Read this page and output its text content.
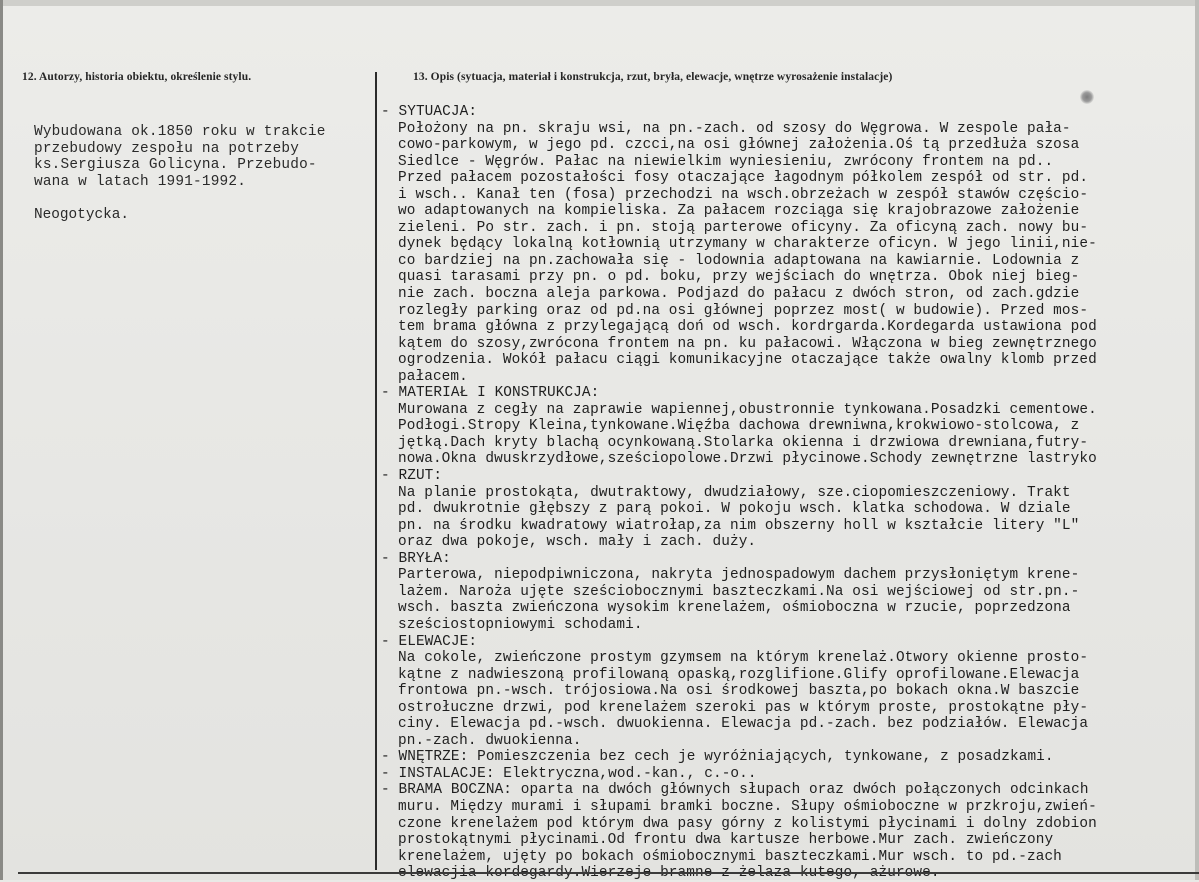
12. Autorzy, historia obiektu, określenie stylu.	13. Opis (sytuacja, materiał i konstrukcja, rzut, bryła, elewacje, wnętrze wyrosażenie instalacje)
Wybudowana ok.1850 roku w trakcie
przebudowy zespołu na potrzeby
ks.Sergiusza Golicyna. Przebudo-
wana w latach 1991-1992.
Neogotycka.
- SYTUACJA:
Położony na pn. skraju wsi, na pn.-zach. od szosy do Węgrowa. W zespole pała-
cowo-parkowym, w jego pd. czcci,na osi głównej założenia.Oś tą przedłuża szosa
Siedlce - Węgrów. Pałac na niewielkim wyniesieniu, zwrócony frontem na pd..
Przed pałacem pozostałości fosy otaczające łagodnym półkolem zespół od str. pd.
i wsch.. Kanał ten (fosa) przechodzi na wsch.obrzeżach w zespół stawów częścio-
wo adaptowanych na kompieliska. Za pałacem rozciąga się krajobrazowe założenie
zieleni. Po str. zach. i pn. stoją parterowe oficyny. Za oficyną zach. nowy bu-
dynek będący lokalną kotłownią utrzymany w charakterze oficyn. W jego linii,nie-
co bardziej na pn.zachowała się - lodownia adaptowana na kawiarnie. Lodownia z
quasi tarasami przy pn. o pd. boku, przy wejściach do wnętrza. Obok niej bieg-
nie zach. boczna aleja parkowa. Podjazd do pałacu z dwóch stron, od zach.gdzie
rozległy parking oraz od pd.na osi głównej poprzez most( w budowie). Przed mos-
tem brama główna z przylegającą doń od wsch. kordrgarda.Kordegarda ustawiona pod
kątem do szosy,zwrócona frontem na pn. ku pałacowi. Włączona w bieg zewnętrznego
ogrodzenia. Wokół pałacu ciągi komunikacyjne otaczające także owalny klomb przed
pałacem.
- MATERIAŁ I KONSTRUKCJA:
Murowana z cegły na zaprawie wapiennej,obustronnie tynkowana.Posadzki cementowe.
Podłogi.Stropy Kleina,tynkowane.Więźba dachowa drewniwna,krokwiowo-stolcowa, z
jętką.Dach kryty blachą ocynkowaną.Stolarka okienna i drzwiowa drewniana,futry-
nowa.Okna dwuskrzydłowe,sześciopolowe.Drzwi płycinowe.Schody zewnętrzne lastryko
- RZUT:
Na planie prostokąta, dwutraktowy, dwudziałowy, sze.ciopomieszczeniowy. Trakt
pd. dwukrotnie głębszy z parą pokoi. W pokoju wsch. klatka schodowa. W dziale
pn. na środku kwadratowy wiatrołap,za nim obszerny holl w kształcie litery "L"
oraz dwa pokoje, wsch. mały i zach. duży.
- BRYŁA:
Parterowa, niepodpiwniczona, nakryta jednospadowym dachem przysłoniętym krene-
lażem. Naroża ujęte sześciobocznymi baszteczkami.Na osi wejściowej od str.pn.-
wsch. baszta zwieńczona wysokim krenelażem, ośmioboczna w rzucie, poprzedzona
sześciostopniowymi schodami.
- ELEWACJE:
Na cokole, zwieńczone prostym gzymsem na którym krenelaż.Otwory okienne prosto-
kątne z nadwieszoną profilowaną opaską,rozglifione.Glify oprofilowane.Elewacja
frontowa pn.-wsch. trójosiowa.Na osi środkowej baszta,po bokach okna.W baszcie
ostrołuczne drzwi, pod krenelażem szeroki pas w którym proste, prostokątne pły-
ciny. Elewacja pd.-wsch. dwuokienna. Elewacja pd.-zach. bez podziałów. Elewacja
pn.-zach. dwuokienna.
- WNĘTRZE: Pomieszczenia bez cech je wyróżniających, tynkowane, z posadzkami.
- INSTALACJE: Elektryczna,wod.-kan., c.-o..
- BRAMA BOCZNA: oparta na dwóch głównych słupach oraz dwóch połączonych odcinkach
muru. Między murami i słupami bramki boczne. Słupy ośmioboczne w przkroju,zwień-
czone krenelażem pod którym dwa pasy górny z kolistymi płycinami i dolny zdobion
prostokątnymi płycinami.Od frontu dwa kartusze herbowe.Mur zach. zwieńczony
krenelażem, ujęty po bokach ośmiobocznymi baszteczkami.Mur wsch. to pd.-zach
